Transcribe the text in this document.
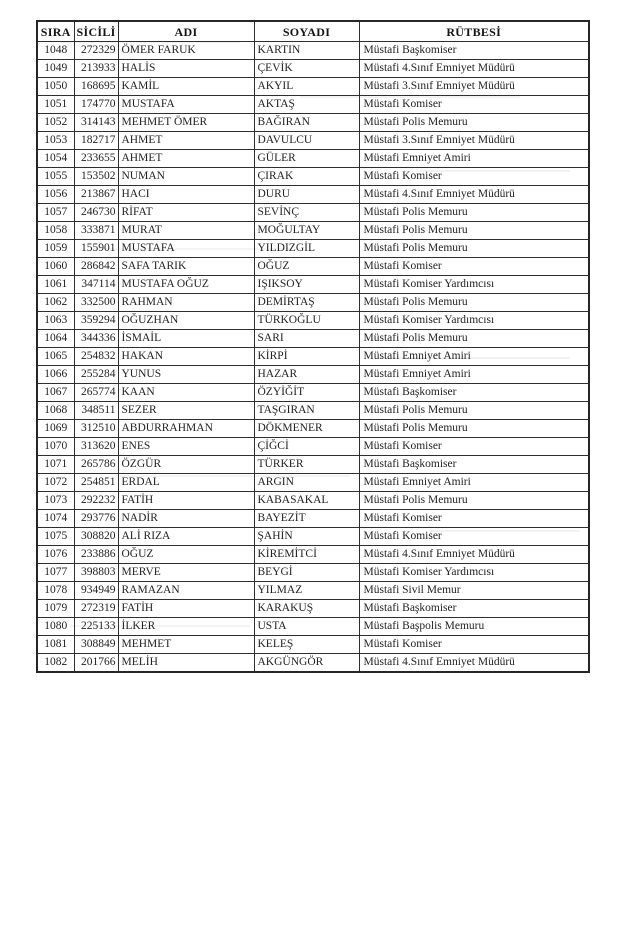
SIRA	SİCİLİ	ADI	SOYADI	RÜTBESİ
1048	272329	ÖMER FARUK	KARTIN	Müstafi Başkomiser
1049	213933	HALİS	ÇEVİK	Müstafi 4.Sınıf Emniyet Müdürü
1050	168695	KAMİL	AKYIL	Müstafi 3.Sınıf Emniyet Müdürü
1051	174770	MUSTAFA	AKTAŞ	Müstafi Komiser
1052	314143	MEHMET ÖMER	BAĞIRAN	Müstafi Polis Memuru
1053	182717	AHMET	DAVULCU	Müstafi 3.Sınıf Emniyet Müdürü
1054	233655	AHMET	GÜLER	Müstafi Emniyet Amiri
1055	153502	NUMAN	ÇIRAK	Müstafi Komiser
1056	213867	HACI	DURU	Müstafi 4.Sınıf Emniyet Müdürü
1057	246730	RİFAT	SEVİNÇ	Müstafi Polis Memuru
1058	333871	MURAT	MOĞULTAY	Müstafi Polis Memuru
1059	155901	MUSTAFA	YILDIZGİL	Müstafi Polis Memuru
1060	286842	SAFA TARIK	OĞUZ	Müstafi Komiser
1061	347114	MUSTAFA OĞUZ	IŞIKSOY	Müstafi Komiser Yardımcısı
1062	332500	RAHMAN	DEMİRTAŞ	Müstafi Polis Memuru
1063	359294	OĞUZHAN	TÜRKOĞLU	Müstafi Komiser Yardımcısı
1064	344336	İSMAİL	SARI	Müstafi Polis Memuru
1065	254832	HAKAN	KİRPİ	Müstafi Emniyet Amiri
1066	255284	YUNUS	HAZAR	Müstafi Emniyet Amiri
1067	265774	KAAN	ÖZYİĞİT	Müstafi Başkomiser
1068	348511	SEZER	TAŞGIRAN	Müstafi Polis Memuru
1069	312510	ABDURRAHMAN	DÖKMENER	Müstafi Polis Memuru
1070	313620	ENES	ÇİĞCİ	Müstafi Komiser
1071	265786	ÖZGÜR	TÜRKER	Müstafi Başkomiser
1072	254851	ERDAL	ARGIN	Müstafi Emniyet Amiri
1073	292232	FATİH	KABASAKAL	Müstafi Polis Memuru
1074	293776	NADİR	BAYEZİT	Müstafi Komiser
1075	308820	ALİ RIZA	ŞAHİN	Müstafi Komiser
1076	233886	OĞUZ	KİREMİTCİ	Müstafi 4.Sınıf Emniyet Müdürü
1077	398803	MERVE	BEYGİ	Müstafi Komiser Yardımcısı
1078	934949	RAMAZAN	YILMAZ	Müstafi Sivil Memur
1079	272319	FATİH	KARAKUŞ	Müstafi Başkomiser
1080	225133	İLKER	USTA	Müstafi Başpolis Memuru
1081	308849	MEHMET	KELEŞ	Müstafi Komiser
1082	201766	MELİH	AKGÜNGÖR	Müstafi 4.Sınıf Emniyet Müdürü
